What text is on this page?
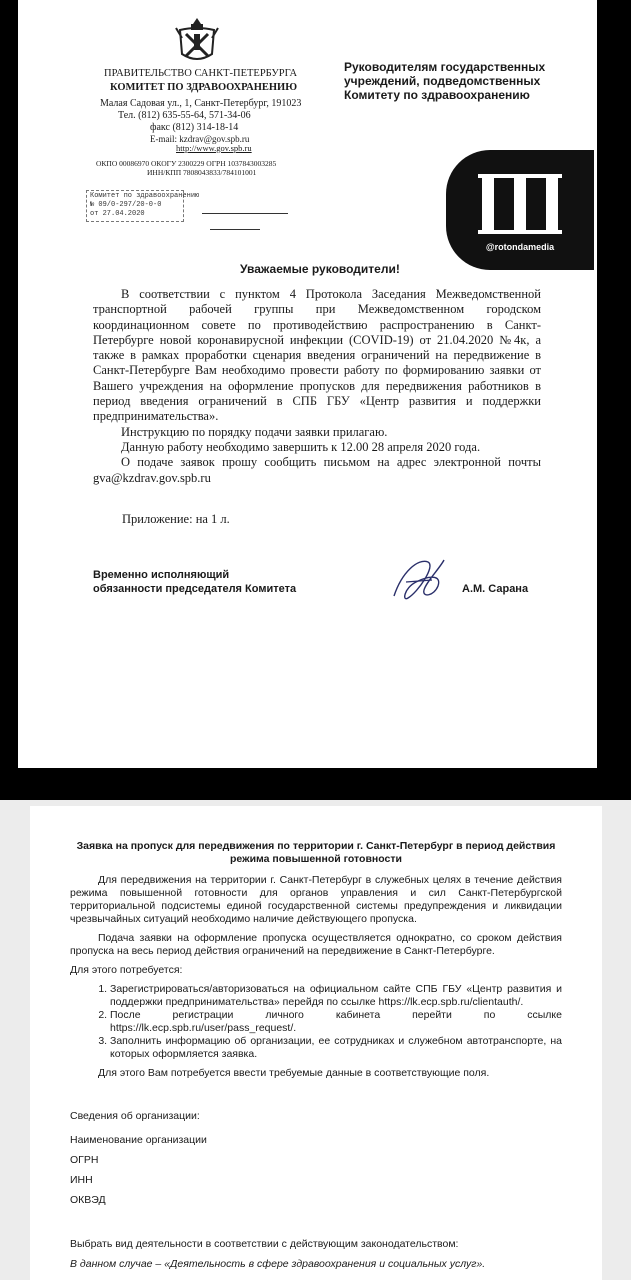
ПРАВИТЕЛЬСТВО САНКТ-ПЕТЕРБУРГА
КОМИТЕТ ПО ЗДРАВООХРАНЕНИЮ
Малая Садовая ул., 1, Санкт-Петербург, 191023
Тел. (812) 635-55-64, 571-34-06
факс (812) 314-18-14
E-mail: kzdrav@gov.spb.ru
http://www.gov.spb.ru
ОКПО 00086970 ОКОГУ 2300229 ОГРН 1037843003285
ИНН/КПП 7808043833/784101001
Комитет по здравоохранению
№ 09/0-297/20-0-0
от 27.04.2020
Руководителям государственных учреждений, подведомственных Комитету по здравоохранению
@rotondamedia
Уважаемые руководители!

В соответствии с пунктом 4 Протокола Заседания Межведомственной транспортной рабочей группы при Межведомственном городском координационном совете по противодействию распространению в Санкт-Петербурге новой коронавирусной инфекции (COVID-19) от 21.04.2020 №4к, а также в рамках проработки сценария введения ограничений на передвижение в Санкт-Петербурге Вам необходимо провести работу по формированию заявки от Вашего учреждения на оформление пропусков для передвижения работников в период введения ограничений в СПБ ГБУ «Центр развития и поддержки предпринимательства».

Инструкцию по порядку подачи заявки прилагаю.

Данную работу необходимо завершить к 12.00 28 апреля 2020 года.

О подаче заявок прошу сообщить письмом на адрес электронной почты gva@kzdrav.gov.spb.ru

Приложение: на 1 л.
Временно исполняющий
обязанности председателя Комитета	А.М. Сарана
Заявка на пропуск для передвижения по территории г. Санкт-Петербург в период действия
режима повышенной готовности

Для передвижения на территории г. Санкт-Петербург в служебных целях в течение действия режима повышенной готовности для органов управления и сил Санкт-Петербургской территориальной подсистемы единой государственной системы предупреждения и ликвидации чрезвычайных ситуаций необходимо наличие действующего пропуска.

Подача заявки на оформление пропуска осуществляется однократно, со сроком действия пропуска на весь период действия ограничений на передвижение в Санкт-Петербурге.

Для этого потребуется:

1. Зарегистрироваться/авторизоваться на официальном сайте СПБ ГБУ «Центр развития и поддержки предпринимательства» перейдя по ссылке https://lk.ecp.spb.ru/clientauth/.
2. После регистрации личного кабинета перейти по ссылке https://lk.ecp.spb.ru/user/pass_request/.
3. Заполнить информацию об организации, ее сотрудниках и служебном автотранспорте, на которых оформляется заявка.

Для этого Вам потребуется ввести требуемые данные в соответствующие поля.

Сведения об организации:
Наименование организации
ОГРН
ИНН
ОКВЭД
Выбрать вид деятельности в соответствии с действующим законодательством:
В данном случае – «Деятельность в сфере здравоохранения и социальных услуг».
